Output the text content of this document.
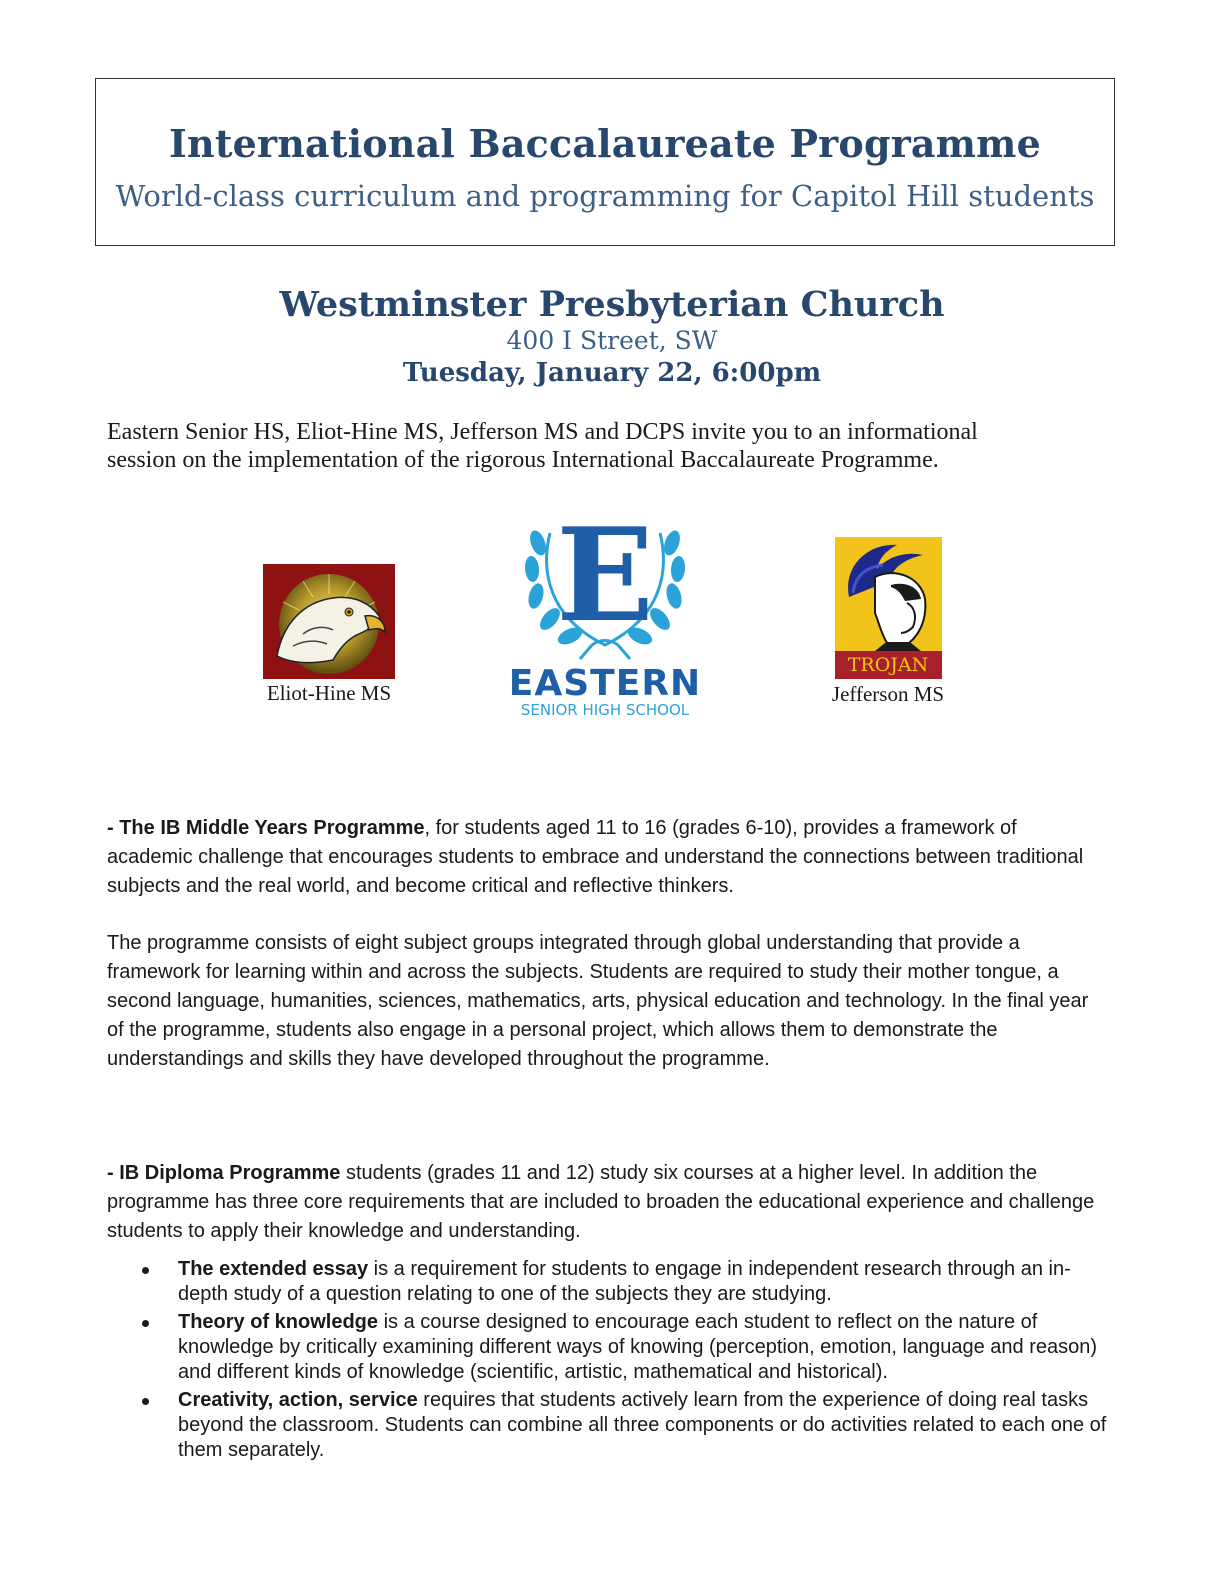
International Baccalaureate Programme
World-class curriculum and programming for Capitol Hill students
Westminster Presbyterian Church
400 I Street, SW
Tuesday, January 22, 6:00pm

Eastern Senior HS, Eliot-Hine MS, Jefferson MS and DCPS invite you to an informational
session on the implementation of the rigorous International Baccalaureate Programme.

Eliot-Hine MS
E
EASTERN
SENIOR HIGH SCHOOL
TROJAN
Jefferson MS

- The IB Middle Years Programme, for students aged 11 to 16 (grades 6-10), provides a framework of academic challenge that encourages students to embrace and understand the connections between traditional subjects and the real world, and become critical and reflective thinkers.

The programme consists of eight subject groups integrated through global understanding that provide a framework for learning within and across the subjects. Students are required to study their mother tongue, a second language, humanities, sciences, mathematics, arts, physical education and technology. In the final year of the programme, students also engage in a personal project, which allows them to demonstrate the understandings and skills they have developed throughout the programme.

- IB Diploma Programme students (grades 11 and 12) study six courses at a higher level. In addition the programme has three core requirements that are included to broaden the educational experience and challenge students to apply their knowledge and understanding.

The extended essay is a requirement for students to engage in independent research through an in-depth study of a question relating to one of the subjects they are studying.
Theory of knowledge is a course designed to encourage each student to reflect on the nature of knowledge by critically examining different ways of knowing (perception, emotion, language and reason) and different kinds of knowledge (scientific, artistic, mathematical and historical).
Creativity, action, service requires that students actively learn from the experience of doing real tasks beyond the classroom. Students can combine all three components or do activities related to each one of them separately.
